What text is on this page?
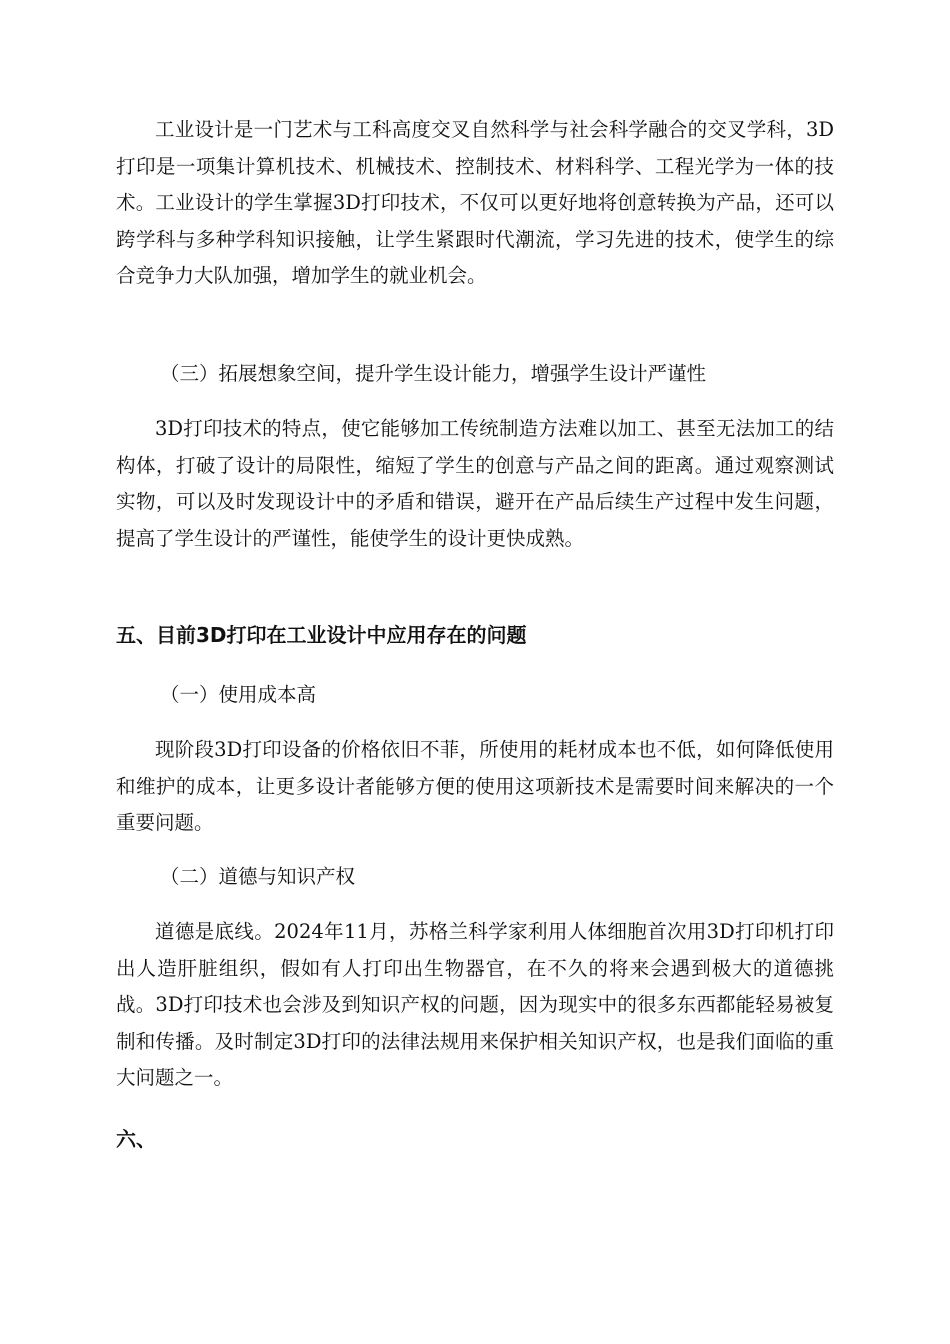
工业设计是一门艺术与工科高度交叉自然科学与社会科学融合的交叉学科，3D打印是一项集计算机技术、机械技术、控制技术、材料科学、工程光学为一体的技术。工业设计的学生掌握3D打印技术，不仅可以更好地将创意转换为产品，还可以跨学科与多种学科知识接触，让学生紧跟时代潮流，学习先进的技术，使学生的综合竞争力大队加强，增加学生的就业机会。

（三）拓展想象空间，提升学生设计能力，增强学生设计严谨性

3D打印技术的特点，使它能够加工传统制造方法难以加工、甚至无法加工的结构体，打破了设计的局限性，缩短了学生的创意与产品之间的距离。通过观察测试实物，可以及时发现设计中的矛盾和错误，避开在产品后续生产过程中发生问题，提高了学生设计的严谨性，能使学生的设计更快成熟。

五、目前3D打印在工业设计中应用存在的问题

（一）使用成本高

现阶段3D打印设备的价格依旧不菲，所使用的耗材成本也不低，如何降低使用和维护的成本，让更多设计者能够方便的使用这项新技术是需要时间来解决的一个重要问题。

（二）道德与知识产权

道德是底线。2024年11月，苏格兰科学家利用人体细胞首次用3D打印机打印出人造肝脏组织，假如有人打印出生物器官，在不久的将来会遇到极大的道德挑战。3D打印技术也会涉及到知识产权的问题，因为现实中的很多东西都能轻易被复制和传播。及时制定3D打印的法律法规用来保护相关知识产权，也是我们面临的重大问题之一。

六、
